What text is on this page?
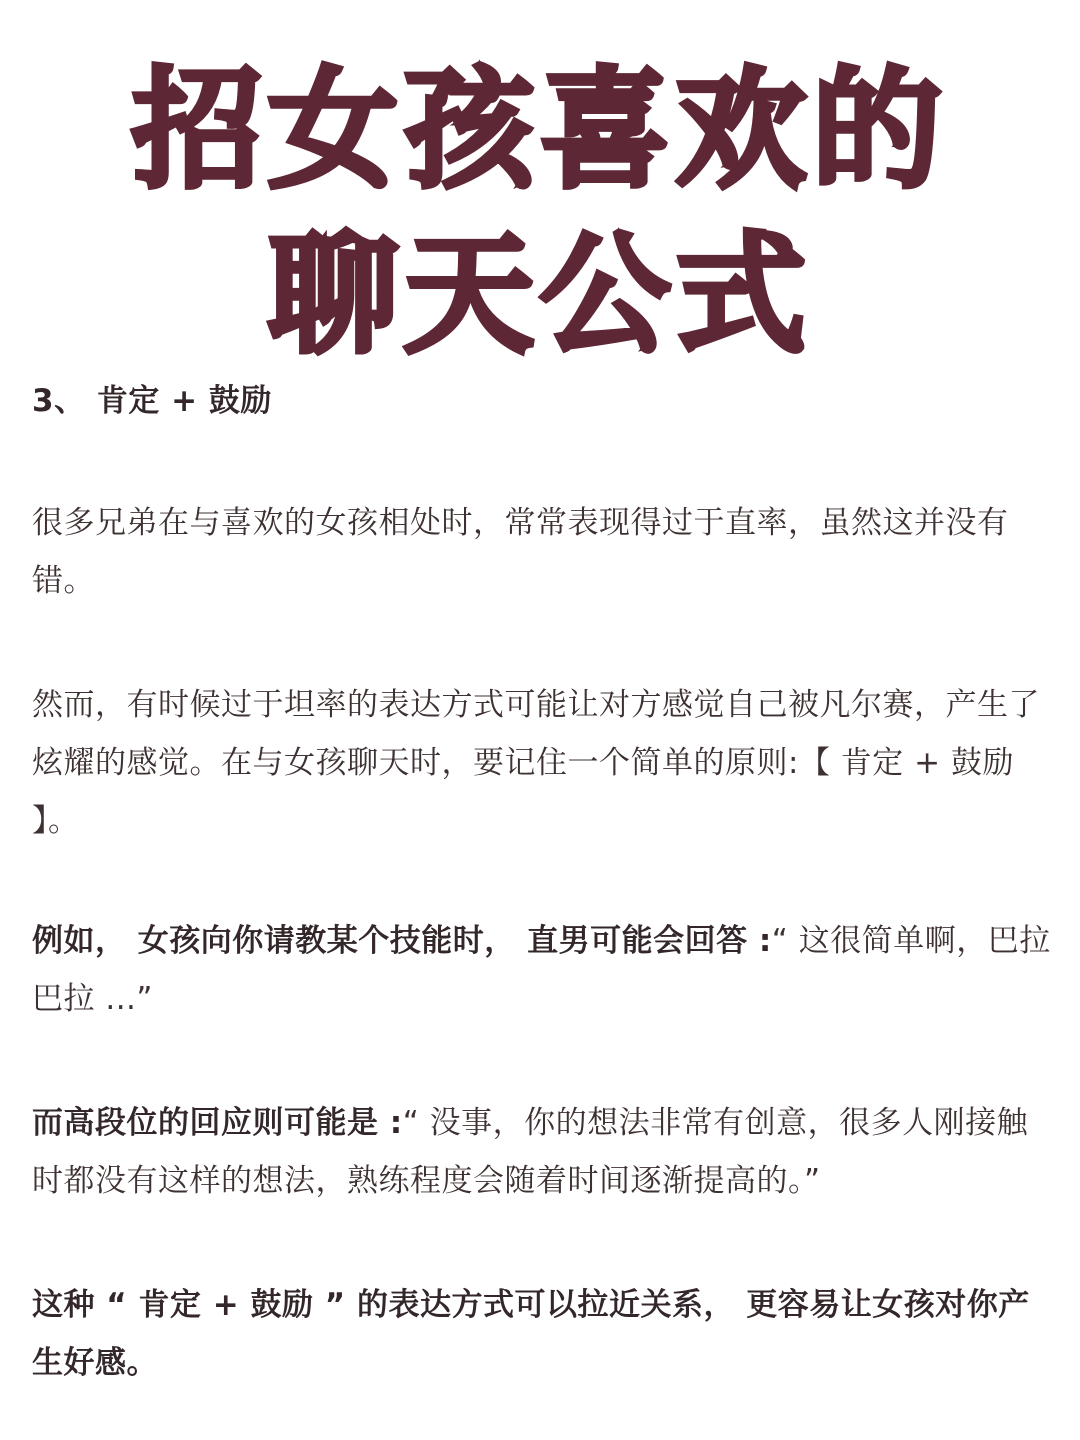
招女孩喜欢的
聊天公式
3、 肯定 + 鼓励
很多兄弟在与喜欢的女孩相处时，常常表现得过于直率，虽然这并没有错。
然而，有时候过于坦率的表达方式可能让对方感觉自己被凡尔赛，产生了炫耀的感觉。在与女孩聊天时，要记住一个简单的原则:【 肯定 + 鼓励 】。
例如， 女孩向你请教某个技能时， 直男可能会回答 :“ 这很简单啊，巴拉巴拉 ...”
而高段位的回应则可能是 :“ 没事，你的想法非常有创意，很多人刚接触时都没有这样的想法，熟练程度会随着时间逐渐提高的。”
这种 “ 肯定 + 鼓励 ” 的表达方式可以拉近关系， 更容易让女孩对你产生好感。
